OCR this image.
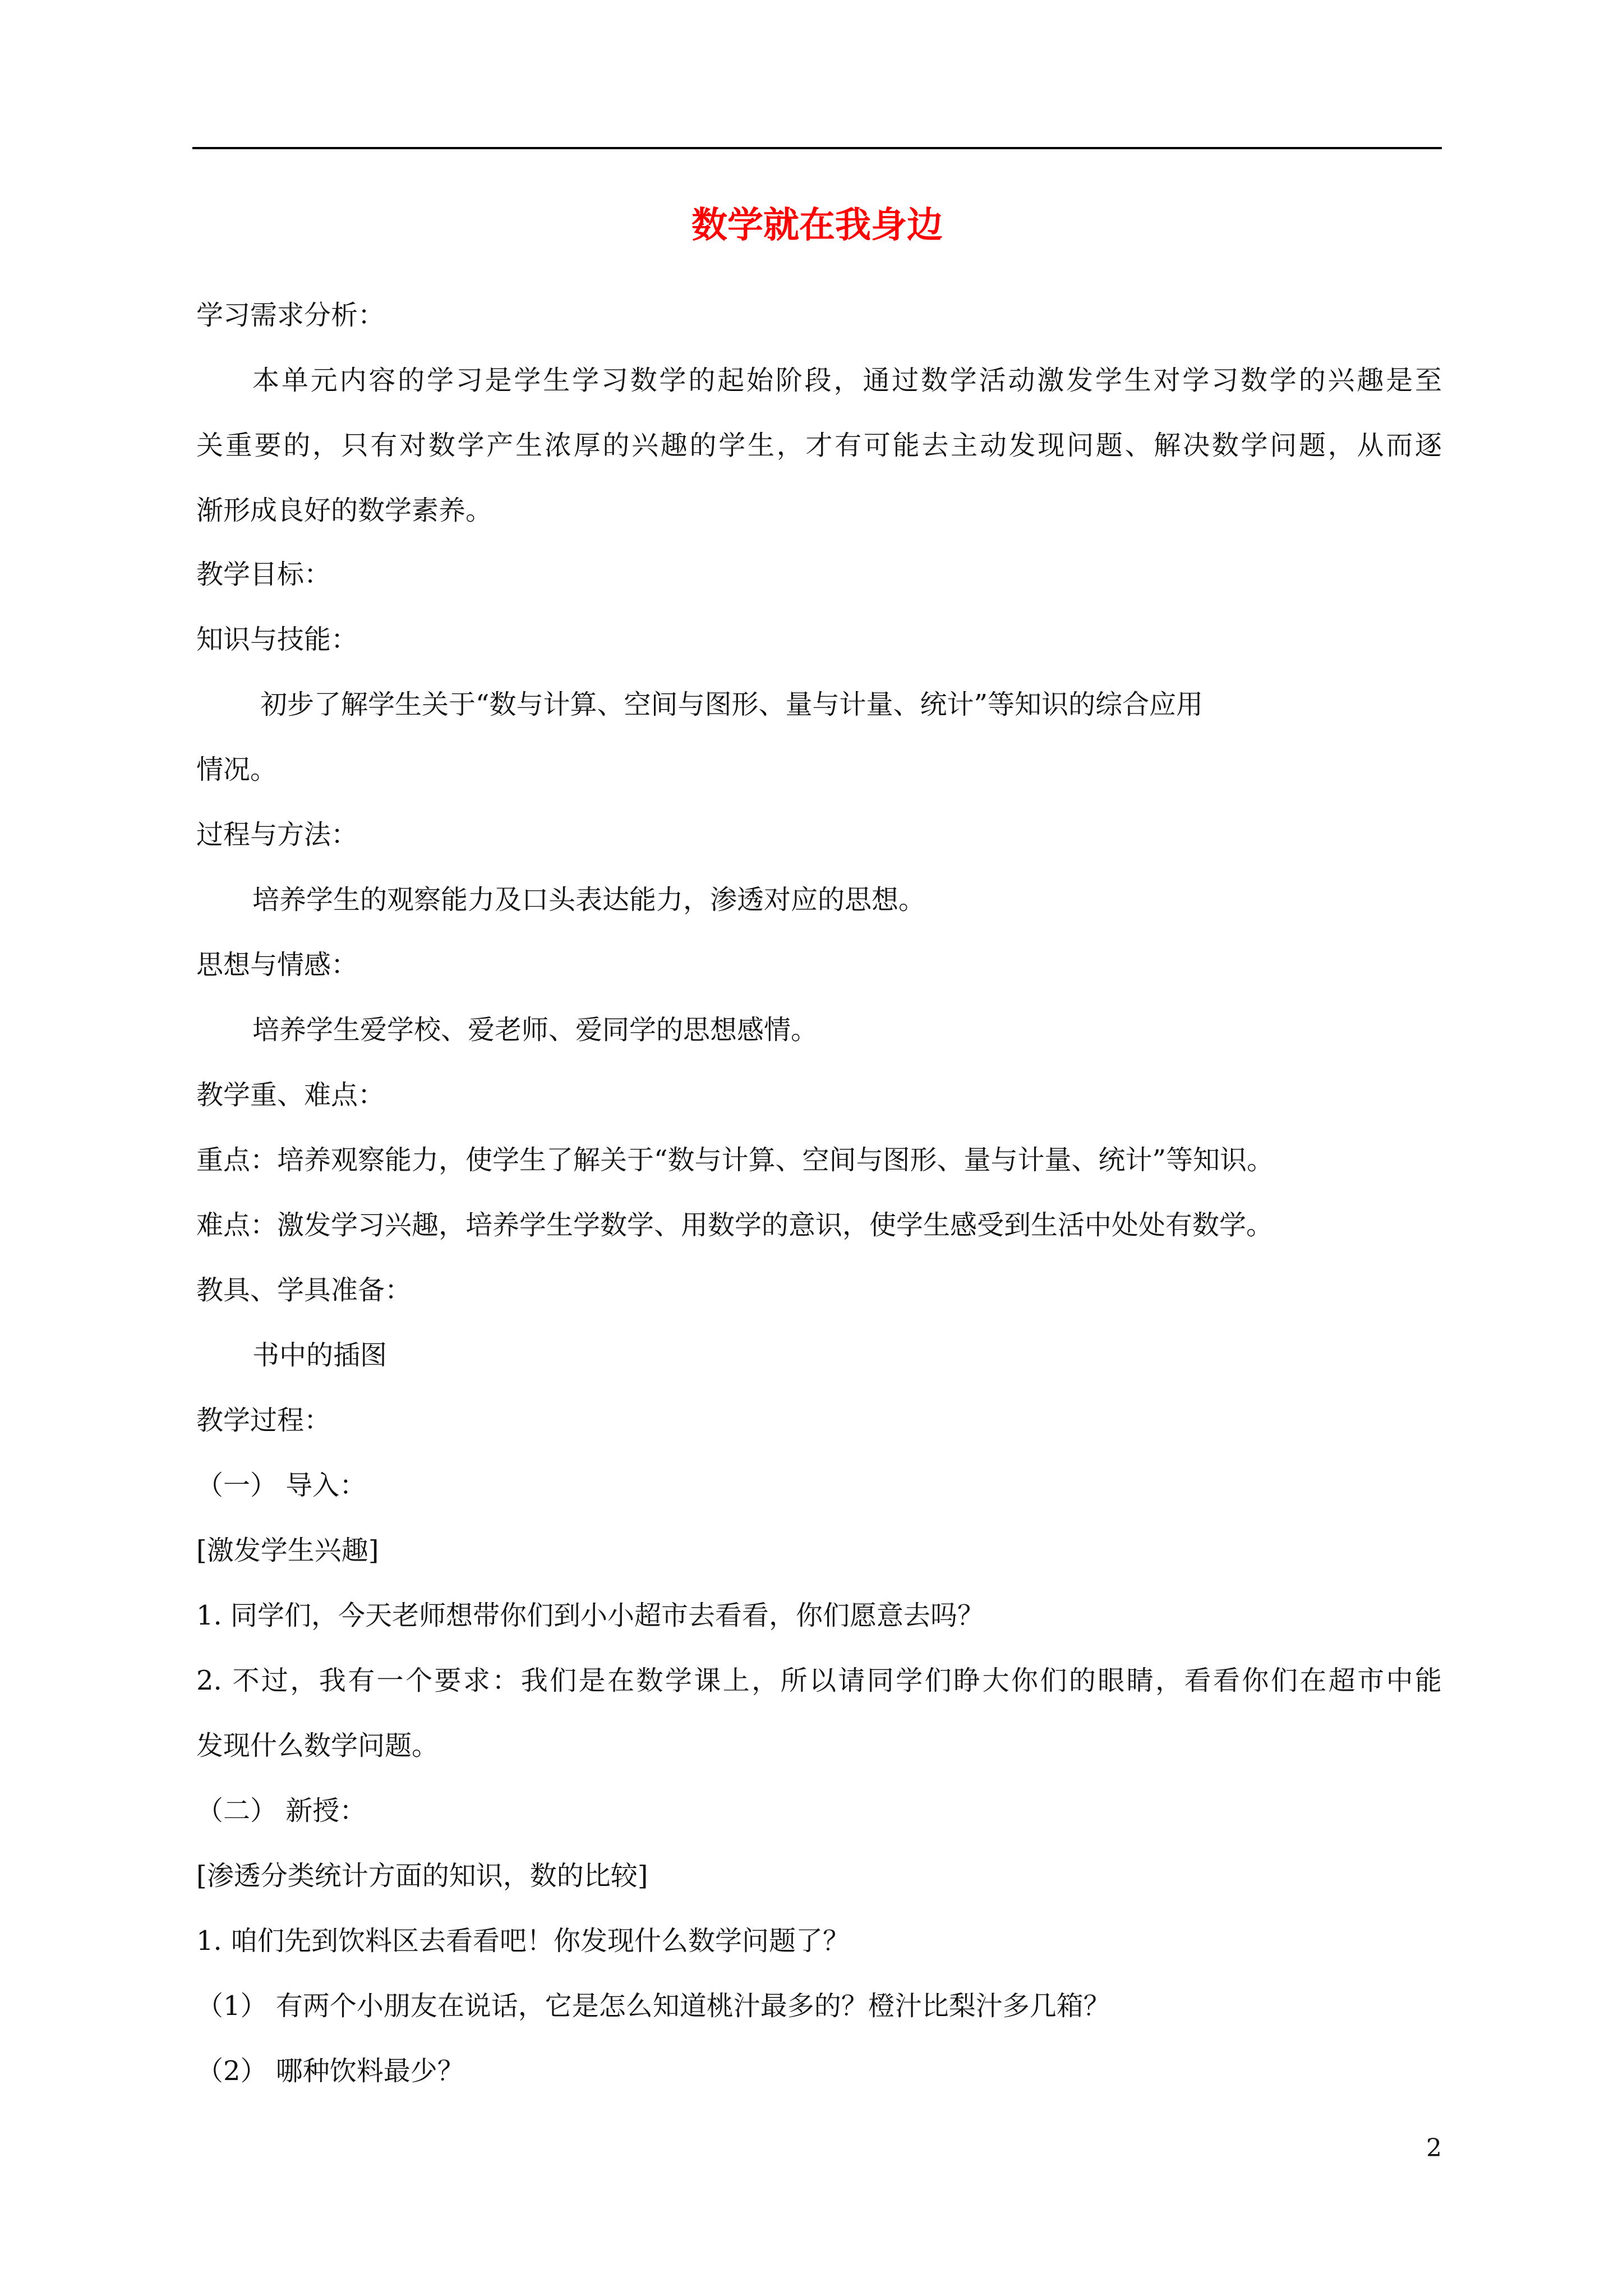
数学就在我身边
学习需求分析：
本单元内容的学习是学生学习数学的起始阶段，通过数学活动激发学生对学习数学的兴趣是至
关重要的，只有对数学产生浓厚的兴趣的学生，才有可能去主动发现问题、解决数学问题，从而逐
渐形成良好的数学素养。
教学目标：
知识与技能：
初步了解学生关于“数与计算、空间与图形、量与计量、统计”等知识的综合应用
情况。
过程与方法：
培养学生的观察能力及口头表达能力，渗透对应的思想。
思想与情感：
培养学生爱学校、爱老师、爱同学的思想感情。
教学重、难点：
重点：培养观察能力，使学生了解关于“数与计算、空间与图形、量与计量、统计”等知识。
难点：激发学习兴趣，培养学生学数学、用数学的意识，使学生感受到生活中处处有数学。
教具、学具准备：
书中的插图
教学过程：
（一） 导入：
[激发学生兴趣]
1. 同学们，今天老师想带你们到小小超市去看看，你们愿意去吗？
2. 不过，我有一个要求：我们是在数学课上，所以请同学们睁大你们的眼睛，看看你们在超市中能
发现什么数学问题。
（二） 新授：
[渗透分类统计方面的知识，数的比较]
1. 咱们先到饮料区去看看吧！你发现什么数学问题了？
（1） 有两个小朋友在说话，它是怎么知道桃汁最多的？橙汁比梨汁多几箱？
（2） 哪种饮料最少？
2
